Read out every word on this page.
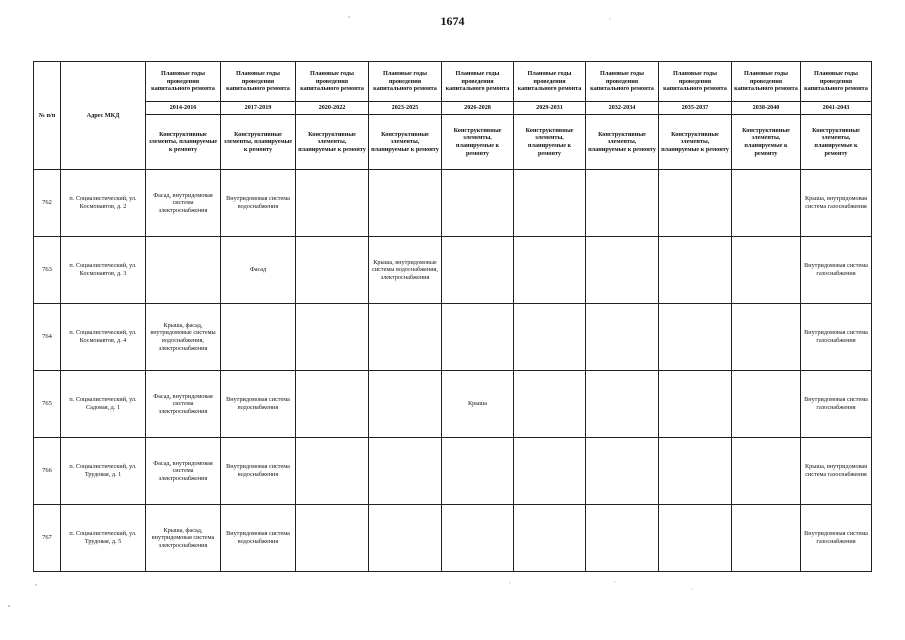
1674
№ п/п	Адрес МКД	Плановые годы проведения капитального ремонта	Плановые годы проведения капитального ремонта	Плановые годы проведения капитального ремонта	Плановые годы проведения капитального ремонта	Плановые годы проведения капитального ремонта	Плановые годы проведения капитального ремонта	Плановые годы проведения капитального ремонта	Плановые годы проведения капитального ремонта	Плановые годы проведения капитального ремонта	Плановые годы проведения капитального ремонта
		2014-2016	2017-2019	2020-2022	2023-2025	2026-2028	2029-2031	2032-2034	2035-2037	2038-2040	2041-2043
		Конструктивные элементы, планируемые к ремонту	Конструктивные элементы, планируемые к ремонту	Конструктивные элементы, планируемые к ремонту	Конструктивные элементы, планируемые к ремонту	Конструктивные элементы, планируемые к ремонту	Конструктивные элементы, планируемые к ремонту	Конструктивные элементы, планируемые к ремонту	Конструктивные элементы, планируемые к ремонту	Конструктивные элементы, планируемые к ремонту	Конструктивные элементы, планируемые к ремонту
762	п. Социалистический, ул. Космонавтов, д. 2	Фасад, внутридомовая система электроснабжения	Внутридомовая система водоснабжения								Крыша, внутридомовая система газоснабжения
763	п. Социалистический, ул. Космонавтов, д. 3		Фасад		Крыша, внутридомовые системы водоснабжения, электроснабжения						Внутридомовая система газоснабжения
764	п. Социалистический, ул. Космонавтов, д. 4	Крыша, фасад, внутридомовые системы водоснабжения, электроснабжения									Внутридомовая система газоснабжения
765	п. Социалистический, ул. Садовая, д. 1	Фасад, внутридомовая система электроснабжения	Внутридомовая система водоснабжения			Крыша					Внутридомовая система газоснабжения
766	п. Социалистический, ул. Трудовая, д. 1	Фасад, внутридомовая система электроснабжения	Внутридомовая система водоснабжения								Крыша, внутридомовая система газоснабжения
767	п. Социалистический, ул. Трудовая, д. 5	Крыша, фасад, внутридомовая система электроснабжения	Внутридомовая система водоснабжения								Внутридомовая система газоснабжения
